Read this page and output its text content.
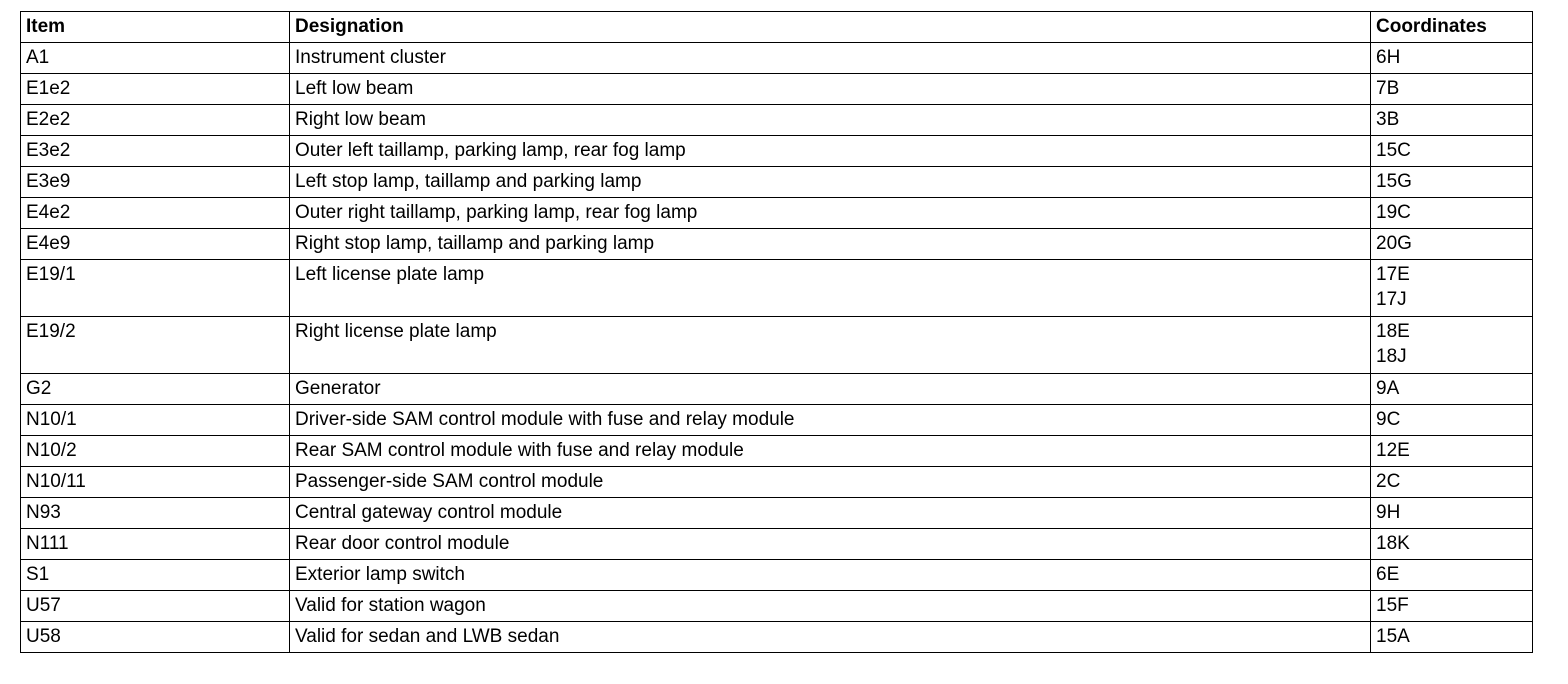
Item	Designation	Coordinates
A1	Instrument cluster	6H

E1e2	Left low beam	7B

E2e2	Right low beam	3B

E3e2	Outer left taillamp, parking lamp, rear fog lamp	15C

E3e9	Left stop lamp, taillamp and parking lamp	15G

E4e2	Outer right taillamp, parking lamp, rear fog lamp	19C

E4e9	Right stop lamp, taillamp and parking lamp	20G

E19/1	Left license plate lamp	17E
17J

E19/2	Right license plate lamp	18E
18J

G2	Generator	9A

N10/1	Driver-side SAM control module with fuse and relay module	9C

N10/2	Rear SAM control module with fuse and relay module	12E

N10/11	Passenger-side SAM control module	2C

N93	Central gateway control module	9H

N111	Rear door control module	18K

S1	Exterior lamp switch	6E

U57	Valid for station wagon	15F

U58	Valid for sedan and LWB sedan	15A
